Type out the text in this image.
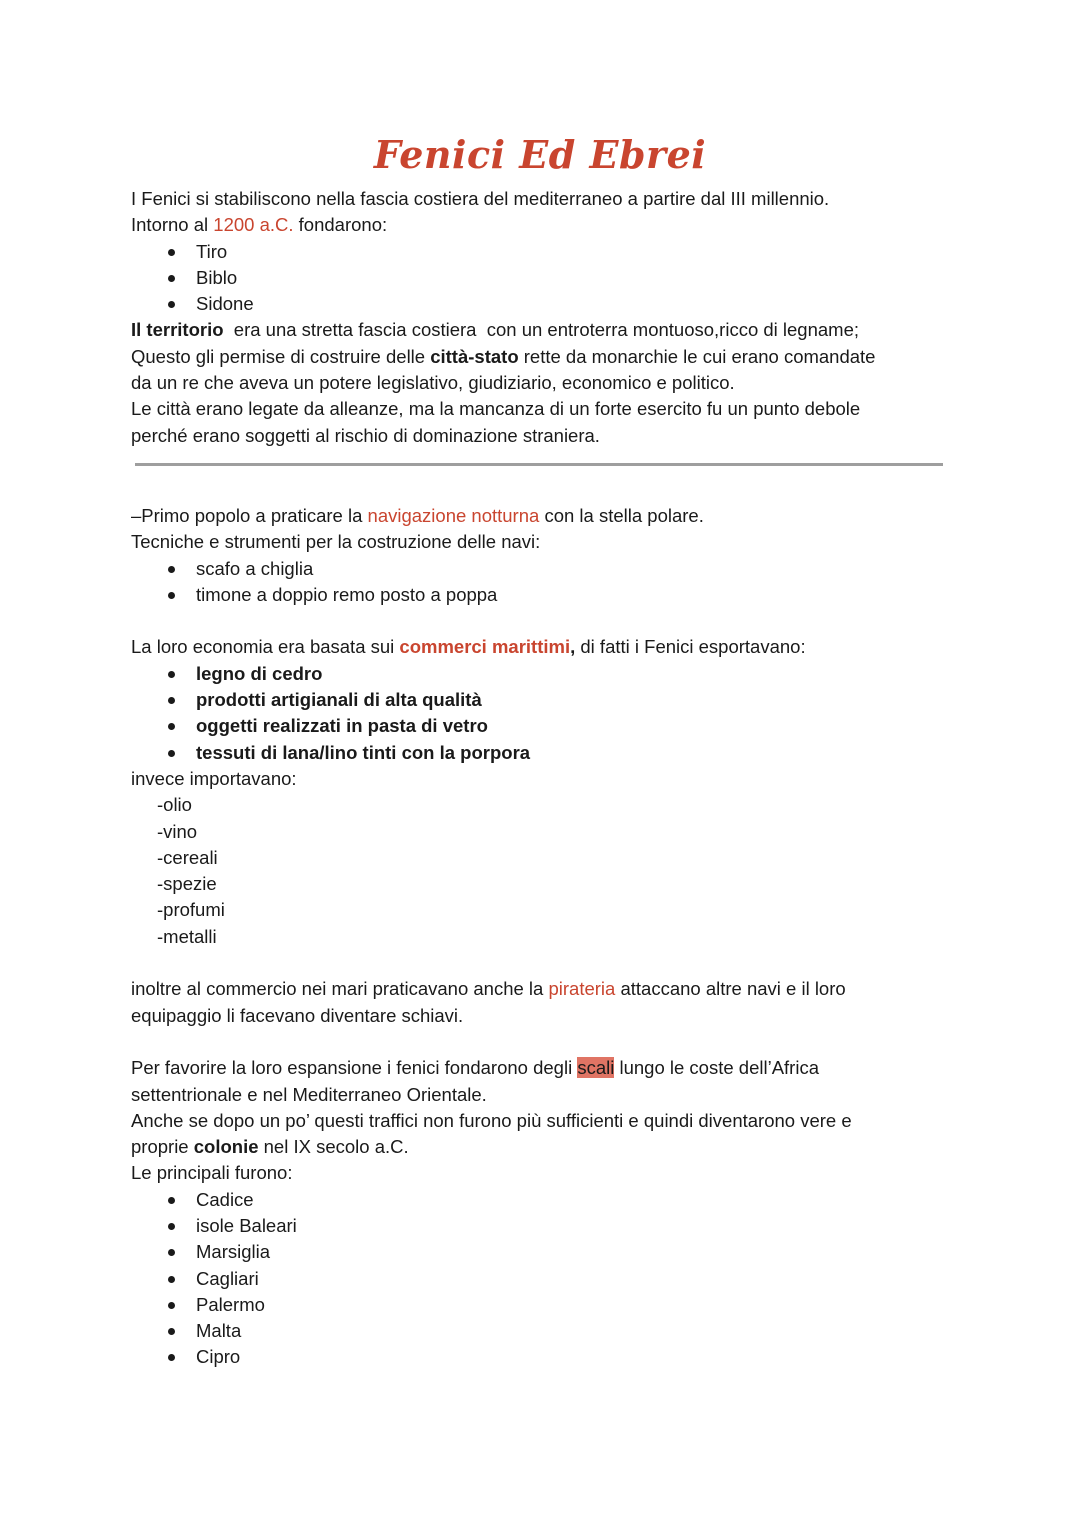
Fenici Ed Ebrei
I Fenici si stabiliscono nella fascia costiera del mediterraneo a partire dal III millennio.
Intorno al 1200 a.C. fondarono:
Tiro
Biblo
Sidone
Il territorio  era una stretta fascia costiera  con un entroterra montuoso,ricco di legname;
Questo gli permise di costruire delle città-stato rette da monarchie le cui erano comandate
da un re che aveva un potere legislativo, giudiziario, economico e politico.
Le città erano legate da alleanze, ma la mancanza di un forte esercito fu un punto debole
perché erano soggetti al rischio di dominazione straniera.
–Primo popolo a praticare la navigazione notturna con la stella polare.
Tecniche e strumenti per la costruzione delle navi:
scafo a chiglia
timone a doppio remo posto a poppa
La loro economia era basata sui commerci marittimi, di fatti i Fenici esportavano:
legno di cedro
prodotti artigianali di alta qualità
oggetti realizzati in pasta di vetro
tessuti di lana/lino tinti con la porpora
invece importavano:
-olio
-vino
-cereali
-spezie
-profumi
-metalli
inoltre al commercio nei mari praticavano anche la pirateria attaccano altre navi e il loro
equipaggio li facevano diventare schiavi.
Per favorire la loro espansione i fenici fondarono degli scali lungo le coste dell’Africa
settentrionale e nel Mediterraneo Orientale.
Anche se dopo un po’ questi traffici non furono più sufficienti e quindi diventarono vere e
proprie colonie nel IX secolo a.C.
Le principali furono:
Cadice
isole Baleari
Marsiglia
Cagliari
Palermo
Malta
Cipro
